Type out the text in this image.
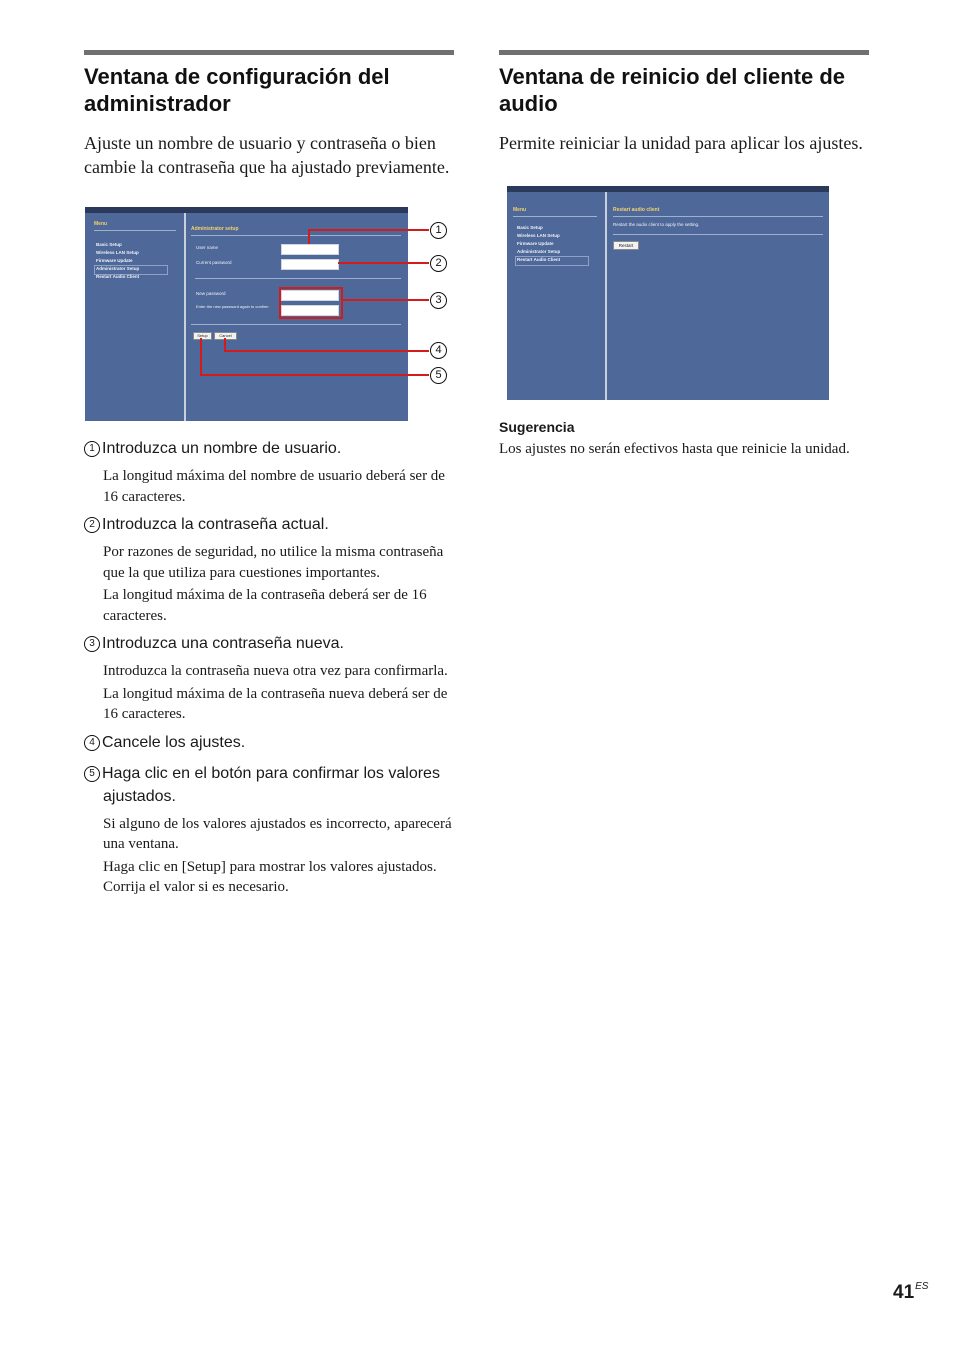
Ventana de configuración del administrador

Ajuste un nombre de usuario y contraseña o bien cambie la contraseña que ha ajustado previamente.

Ventana de reinicio del cliente de audio

Permite reiniciar la unidad para aplicar los ajustes.

Sugerencia

Los ajustes no serán efectivos hasta que reinicie la unidad.

Menu
Basic Setup
Wireless LAN Setup
Firmware Update
Administrator Setup
Restart Audio Client
Administrator setup
User name
Current password
New password
Enter the new password again to confirm
Setup	Cancel
1
2
3
4
5
Menu
Basic Setup
Wireless LAN Setup
Firmware Update
Administrator Setup
Restart Audio Client
Restart audio client
Restart the audio client to apply the setting.
Restart

1 Introduzca un nombre de usuario.

La longitud máxima del nombre de usuario deberá ser de 16 caracteres.

2 Introduzca la contraseña actual.

Por razones de seguridad, no utilice la misma contraseña que la que utiliza para cuestiones importantes.

La longitud máxima de la contraseña deberá ser de 16 caracteres.

3 Introduzca una contraseña nueva.

Introduzca la contraseña nueva otra vez para confirmarla.

La longitud máxima de la contraseña nueva deberá ser de 16 caracteres.

4 Cancele los ajustes.

5 Haga clic en el botón para confirmar los valores ajustados.

Si alguno de los valores ajustados es incorrecto, aparecerá una ventana.

Haga clic en [Setup] para mostrar los valores ajustados. Corrija el valor si es necesario.

$41^{ES}$
